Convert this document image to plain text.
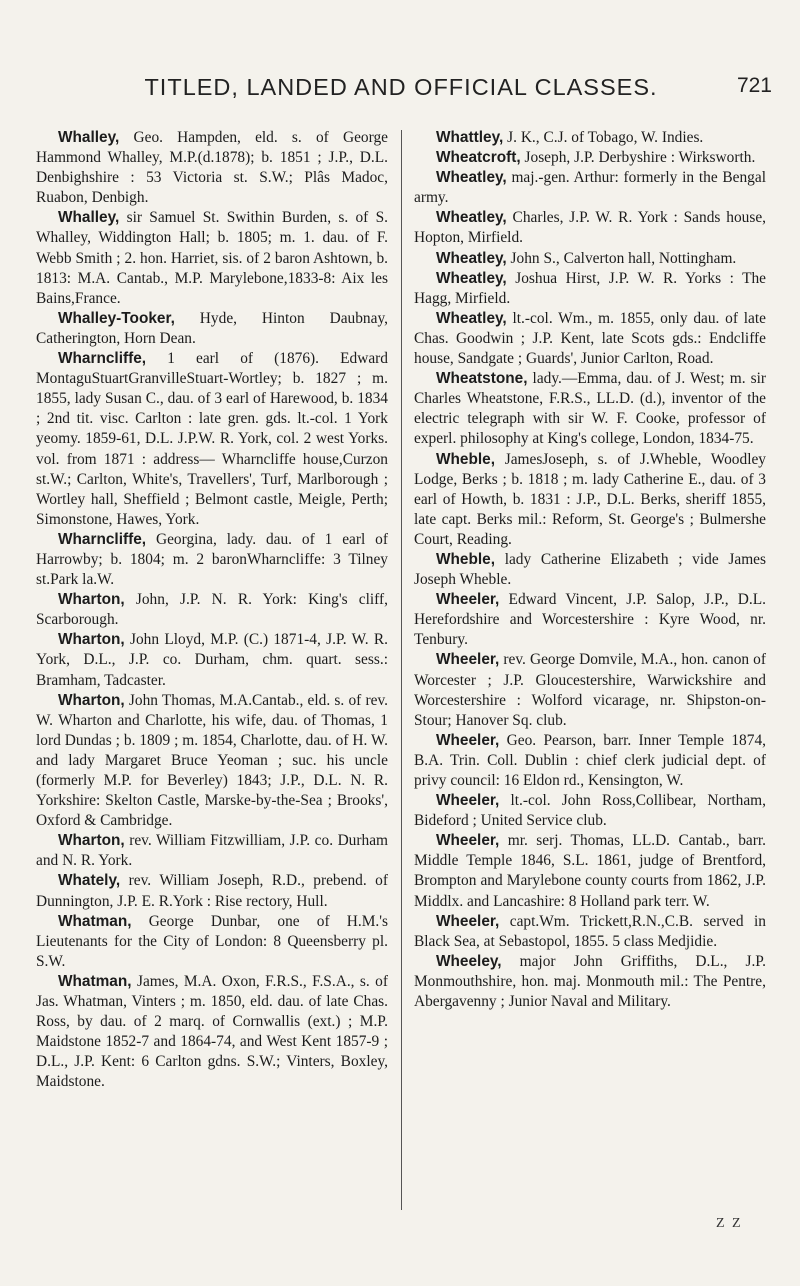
TITLED, LANDED AND OFFICIAL CLASSES.	721

Whalley, Geo. Hampden, eld. s. of George Hammond Whalley, M.P.(d.1878); b. 1851 ; J.P., D.L. Denbighshire : 53 Victoria st. S.W.; Plâs Madoc, Ruabon, Denbigh.

Whalley, sir Samuel St. Swithin Burden, s. of S. Whalley, Widdington Hall; b. 1805; m. 1. dau. of F. Webb Smith ; 2. hon. Harriet, sis. of 2 baron Ashtown, b. 1813: M.A. Cantab., M.P. Marylebone,1833-8: Aix les Bains,France.

Whalley-Tooker, Hyde, Hinton Daubnay, Catherington, Horn Dean.

Wharncliffe, 1 earl of (1876). Edward MontaguStuartGranvilleStuart-Wortley; b. 1827 ; m. 1855, lady Susan C., dau. of 3 earl of Harewood, b. 1834 ; 2nd tit. visc. Carlton : late gren. gds. lt.-col. 1 York yeomy. 1859-61, D.L. J.P.W. R. York, col. 2 west Yorks. vol. from 1871 : address— Wharncliffe house,Curzon st.W.; Carlton, White's, Travellers', Turf, Marlborough ; Wortley hall, Sheffield ; Belmont castle, Meigle, Perth; Simonstone, Hawes, York.

Wharncliffe, Georgina, lady. dau. of 1 earl of Harrowby; b. 1804; m. 2 baronWharncliffe: 3 Tilney st.Park la.W.

Wharton, John, J.P. N. R. York: King's cliff, Scarborough.

Wharton, John Lloyd, M.P. (C.) 1871-4, J.P. W. R. York, D.L., J.P. co. Durham, chm. quart. sess.: Bramham, Tadcaster.

Wharton, John Thomas, M.A.Cantab., eld. s. of rev. W. Wharton and Charlotte, his wife, dau. of Thomas, 1 lord Dundas ; b. 1809 ; m. 1854, Charlotte, dau. of H. W. and lady Margaret Bruce Yeoman ; suc. his uncle (formerly M.P. for Beverley) 1843; J.P., D.L. N. R. Yorkshire: Skelton Castle, Marske-by-the-Sea ; Brooks', Oxford & Cambridge.

Wharton, rev. William Fitzwilliam, J.P. co. Durham and N. R. York.

Whately, rev. William Joseph, R.D., prebend. of Dunnington, J.P. E. R.York : Rise rectory, Hull.

Whatman, George Dunbar, one of H.M.'s Lieutenants for the City of London: 8 Queensberry pl. S.W.

Whatman, James, M.A. Oxon, F.R.S., F.S.A., s. of Jas. Whatman, Vinters ; m. 1850, eld. dau. of late Chas. Ross, by dau. of 2 marq. of Cornwallis (ext.) ; M.P. Maidstone 1852-7 and 1864-74, and West Kent 1857-9 ; D.L., J.P. Kent: 6 Carlton gdns. S.W.; Vinters, Boxley, Maidstone.

Whattley, J. K., C.J. of Tobago, W. Indies.

Wheatcroft, Joseph, J.P. Derbyshire : Wirksworth.

Wheatley, maj.-gen. Arthur: formerly in the Bengal army.

Wheatley, Charles, J.P. W. R. York : Sands house, Hopton, Mirfield.

Wheatley, John S., Calverton hall, Nottingham.

Wheatley, Joshua Hirst, J.P. W. R. Yorks : The Hagg, Mirfield.

Wheatley, lt.-col. Wm., m. 1855, only dau. of late Chas. Goodwin ; J.P. Kent, late Scots gds.: Endcliffe house, Sandgate ; Guards', Junior Carlton, Road.

Wheatstone, lady.—Emma, dau. of J. West; m. sir Charles Wheatstone, F.R.S., LL.D. (d.), inventor of the electric telegraph with sir W. F. Cooke, professor of experl. philosophy at King's college, London, 1834-75.

Wheble, JamesJoseph, s. of J.Wheble, Woodley Lodge, Berks ; b. 1818 ; m. lady Catherine E., dau. of 3 earl of Howth, b. 1831 : J.P., D.L. Berks, sheriff 1855, late capt. Berks mil.: Reform, St. George's ; Bulmershe Court, Reading.

Wheble, lady Catherine Elizabeth ; vide James Joseph Wheble.

Wheeler, Edward Vincent, J.P. Salop, J.P., D.L. Herefordshire and Worcestershire : Kyre Wood, nr. Tenbury.

Wheeler, rev. George Domvile, M.A., hon. canon of Worcester ; J.P. Gloucestershire, Warwickshire and Worcestershire : Wolford vicarage, nr. Shipston-on-Stour; Hanover Sq. club.

Wheeler, Geo. Pearson, barr. Inner Temple 1874, B.A. Trin. Coll. Dublin : chief clerk judicial dept. of privy council: 16 Eldon rd., Kensington, W.

Wheeler, lt.-col. John Ross,Collibear, Northam, Bideford ; United Service club.

Wheeler, mr. serj. Thomas, LL.D. Cantab., barr. Middle Temple 1846, S.L. 1861, judge of Brentford, Brompton and Marylebone county courts from 1862, J.P. Middlx. and Lancashire: 8 Holland park terr. W.

Wheeler, capt.Wm. Trickett,R.N.,C.B. served in Black Sea, at Sebastopol, 1855. 5 class Medjidie.

Wheeley, major John Griffiths, D.L., J.P. Monmouthshire, hon. maj. Monmouth mil.: The Pentre, Abergavenny ; Junior Naval and Military.

Z Z
